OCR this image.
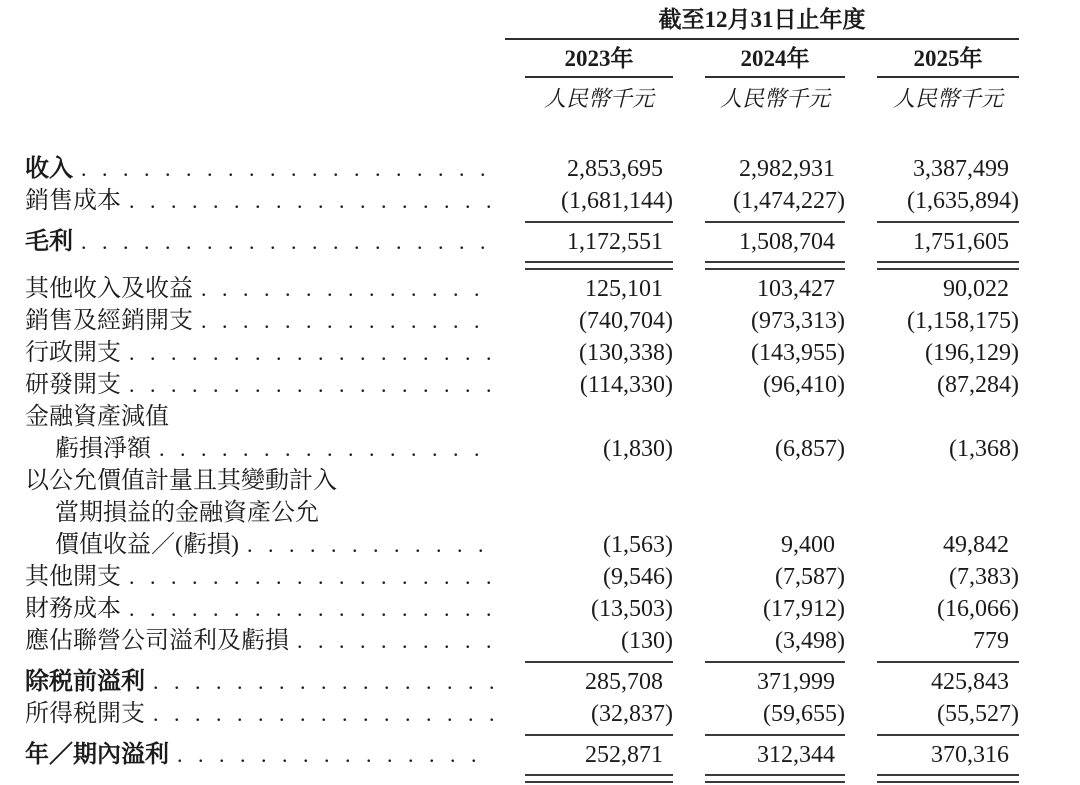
截至12月31日止年度
2023年	2024年	2025年
人民幣千元	人民幣千元	人民幣千元
收入 . . .	2,853,695	2,982,931	3,387,499
銷售成本 . . .	(1,681,144)	(1,474,227)	(1,635,894)
毛利 . . .	1,172,551	1,508,704	1,751,605
其他收入及收益 . . .	125,101	103,427	90,022
銷售及經銷開支 . . .	(740,704)	(973,313)	(1,158,175)
行政開支 . . .	(130,338)	(143,955)	(196,129)
研發開支 . . .	(114,330)	(96,410)	(87,284)
金融資產減值
虧損淨額 . . .	(1,830)	(6,857)	(1,368)
以公允價值計量且其變動計入
當期損益的金融資產公允
價值收益／(虧損) . . .	(1,563)	9,400	49,842
其他開支 . . .	(9,546)	(7,587)	(7,383)
財務成本 . . .	(13,503)	(17,912)	(16,066)
應佔聯營公司溢利及虧損 . . .	(130)	(3,498)	779
除税前溢利 . . .	285,708	371,999	425,843
所得税開支 . . .	(32,837)	(59,655)	(55,527)
年／期內溢利 . . .	252,871	312,344	370,316
